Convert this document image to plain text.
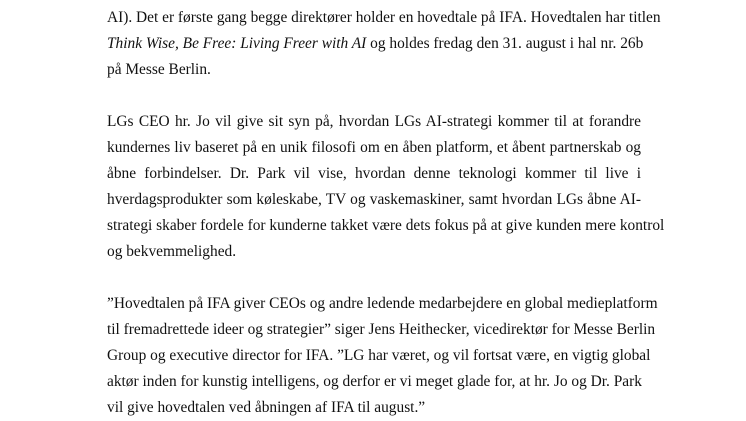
AI). Det er første gang begge direktører holder en hovedtale på IFA. Hovedtalen har titlen
Think Wise, Be Free: Living Freer with AI og holdes fredag den 31. august i hal nr. 26b
på Messe Berlin.
LGs CEO hr. Jo vil give sit syn på, hvordan LGs AI-strategi kommer til at forandre
kundernes liv baseret på en unik filosofi om en åben platform, et åbent partnerskab og
åbne forbindelser. Dr. Park vil vise, hvordan denne teknologi kommer til live i
hverdagsprodukter som køleskabe, TV og vaskemaskiner, samt hvordan LGs åbne AI-
strategi skaber fordele for kunderne takket være dets fokus på at give kunden mere kontrol
og bekvemmelighed.
”Hovedtalen på IFA giver CEOs og andre ledende medarbejdere en global medieplatform
til fremadrettede ideer og strategier” siger Jens Heithecker, vicedirektør for Messe Berlin
Group og executive director for IFA. ”LG har været, og vil fortsat være, en vigtig global
aktør inden for kunstig intelligens, og derfor er vi meget glade for, at hr. Jo og Dr. Park
vil give hovedtalen ved åbningen af IFA til august.”
